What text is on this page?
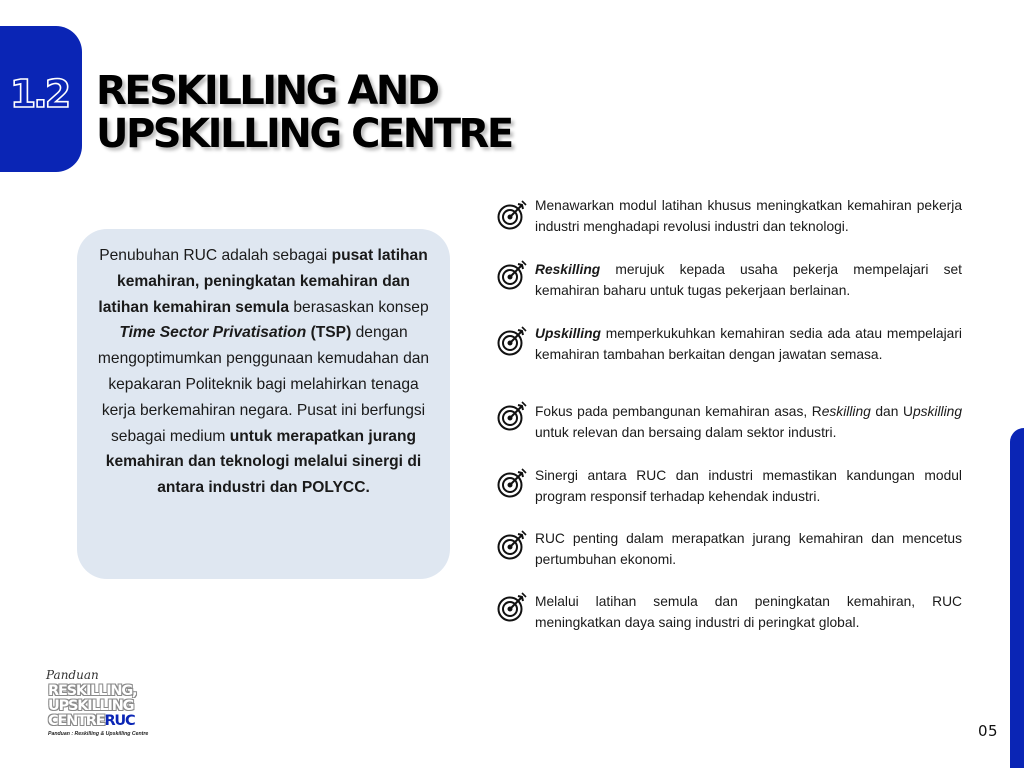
1.2 RESKILLING AND
UPSKILLING CENTRE

Penubuhan RUC adalah sebagai pusat latihan kemahiran, peningkatan kemahiran dan latihan kemahiran semula berasaskan konsep Time Sector Privatisation (TSP) dengan mengoptimumkan penggunaan kemudahan dan kepakaran Politeknik bagi melahirkan tenaga kerja berkemahiran negara. Pusat ini berfungsi sebagai medium untuk merapatkan jurang kemahiran dan teknologi melalui sinergi di antara industri dan POLYCC.

Menawarkan modul latihan khusus meningkatkan kemahiran pekerja industri menghadapi revolusi industri dan teknologi.

Reskilling merujuk kepada usaha pekerja mempelajari set kemahiran baharu untuk tugas pekerjaan berlainan.

Upskilling memperkukuhkan kemahiran sedia ada atau mempelajari kemahiran tambahan berkaitan dengan jawatan semasa.

Fokus pada pembangunan kemahiran asas, Reskilling dan Upskilling untuk relevan dan bersaing dalam sektor industri.

Sinergi antara RUC dan industri memastikan kandungan modul program responsif terhadap kehendak industri.

RUC penting dalam merapatkan jurang kemahiran dan mencetus pertumbuhan ekonomi.

Melalui latihan semula dan peningkatan kemahiran, RUC meningkatkan daya saing industri di peringkat global.

Panduan
RESKILLING,
UPSKILLING
CENTRERUC
Panduan : Reskilling & Upskilling Centre	05
